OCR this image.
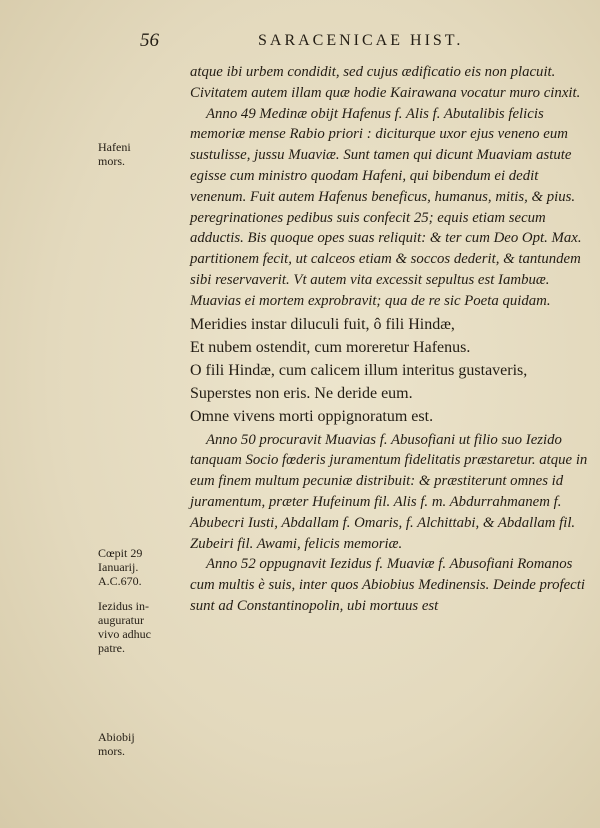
56	SARACENICAE HIST.
Hafeni
mors.
Cœpit 29
Ianuarij.
A.C.670.
Iezidus in-
auguratur
vivo adhuc
patre.
Abiobij
mors.

atque ibi urbem condidit, sed cujus ædificatio eis non placuit. Civitatem autem illam quæ hodie Kairawana vocatur muro cinxit.

Anno 49 Medinæ obijt Hafenus f. Alis f. Abutalibis felicis memoriæ mense Rabio priori : diciturque uxor ejus veneno eum sustulisse, jussu Muaviæ. Sunt tamen qui dicunt Muaviam astute egisse cum ministro quodam Hafeni, qui bibendum ei dedit venenum. Fuit autem Hafenus beneficus, humanus, mitis, & pius. peregrinationes pedibus suis confecit 25; equis etiam secum adductis. Bis quoque opes suas reliquit: & ter cum Deo Opt. Max. partitionem fecit, ut calceos etiam & soccos dederit, & tantundem sibi reservaverit. Vt autem vita excessit sepultus est Iambuæ. Muavias ei mortem exprobravit; qua de re sic Poeta quidam.

Meridies instar diluculi fuit, ô fili Hindæ,
Et nubem ostendit, cum moreretur Hafenus.
O fili Hindæ, cum calicem illum interitus gustaveris,
Superstes non eris. Ne deride eum.
Omne vivens morti oppignoratum est.

Anno 50 procuravit Muavias f. Abusofiani ut filio suo Iezido tanquam Socio fœderis juramentum fidelitatis præstaretur. atque in eum finem multum pecuniæ distribuit: & præstiterunt omnes id juramentum, præter Hufeinum fil. Alis f. m. Abdurrahmanem f. Abubecri Iusti, Abdallam f. Omaris, f. Alchittabi, & Abdallam fil. Zubeiri fil. Awami, felicis memoriæ.

Anno 52 oppugnavit Iezidus f. Muaviæ f. Abusofiani Romanos cum multis è suis, inter quos Abiobius Medinensis. Deinde profecti sunt ad Constantinopolin, ubi mortuus est
